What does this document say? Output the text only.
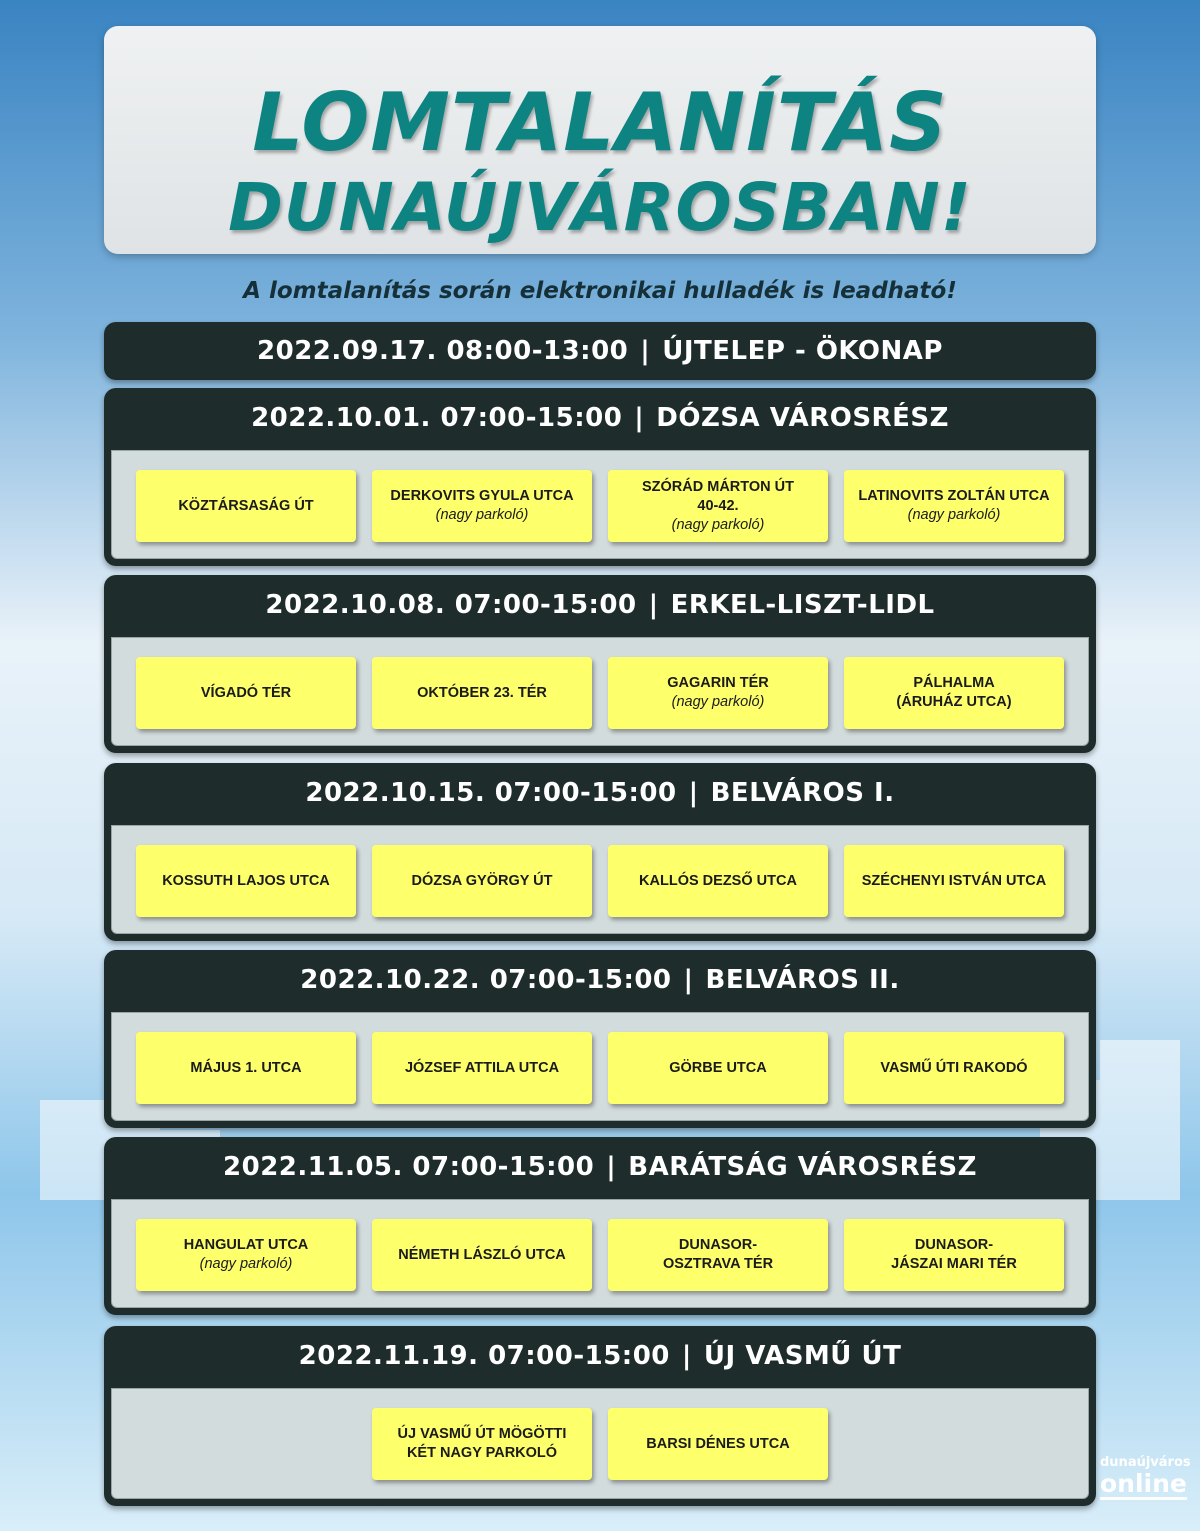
LOMTALANÍTÁS
DUNAÚJVÁROSBAN!
A lomtalanítás során elektronikai hulladék is leadható!
2022.09.17. 08:00-13:00 | ÚJTELEP - ÖKONAP
2022.10.01. 07:00-15:00 | DÓZSA VÁROSRÉSZ
KÖZTÁRSASÁG ÚT
DERKOVITS GYULA UTCA
(nagy parkoló)
SZÓRÁD MÁRTON ÚT
40-42.
(nagy parkoló)
LATINOVITS ZOLTÁN UTCA
(nagy parkoló)
2022.10.08. 07:00-15:00 | ERKEL-LISZT-LIDL
VÍGADÓ TÉR	OKTÓBER 23. TÉR
GAGARIN TÉR
(nagy parkoló)
PÁLHALMA
(ÁRUHÁZ UTCA)
2022.10.15. 07:00-15:00 | BELVÁROS I.
KOSSUTH LAJOS UTCA	DÓZSA GYÖRGY ÚT	KALLÓS DEZSŐ UTCA	SZÉCHENYI ISTVÁN UTCA
2022.10.22. 07:00-15:00 | BELVÁROS II.
MÁJUS 1. UTCA	JÓZSEF ATTILA UTCA	GÖRBE UTCA	VASMŰ ÚTI RAKODÓ
2022.11.05. 07:00-15:00 | BARÁTSÁG VÁROSRÉSZ
HANGULAT UTCA
(nagy parkoló)
NÉMETH LÁSZLÓ UTCA
DUNASOR-
OSZTRAVA TÉR
DUNASOR-
JÁSZAI MARI TÉR
2022.11.19. 07:00-15:00 | ÚJ VASMŰ ÚT
ÚJ VASMŰ ÚT MÖGÖTTI
KÉT NAGY PARKOLÓ
BARSI DÉNES UTCA
dunaújváros
online
